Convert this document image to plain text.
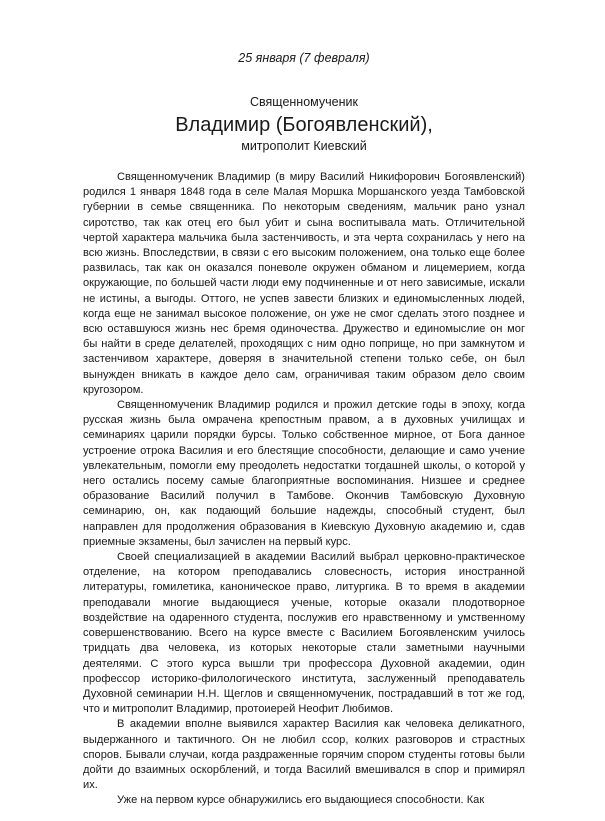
25 января (7 февраля)
Священномученик
Владимир (Богоявленский),
митрополит Киевский

Священномученик Владимир (в миру Василий Никифорович Богоявленский) родился 1 января 1848 года в селе Малая Моршка Моршанского уезда Тамбовской губернии в семье священника. По некоторым сведениям, мальчик рано узнал сиротство, так как отец его был убит и сына воспитывала мать. Отличительной чертой характера мальчика была застенчивость, и эта черта сохранилась у него на всю жизнь. Впоследствии, в связи с его высоким положением, она только еще более развилась, так как он оказался поневоле окружен обманом и лицемерием, когда окружающие, по большей части люди ему подчиненные и от него зависимые, искали не истины, а выгоды. Оттого, не успев завести близких и единомысленных людей, когда еще не занимал высокое положение, он уже не смог сделать этого позднее и всю оставшуюся жизнь нес бремя одиночества. Дружество и единомыслие он мог бы найти в среде делателей, проходящих с ним одно поприще, но при замкнутом и застенчивом характере, доверяя в значительной степени только себе, он был вынужден вникать в каждое дело сам, ограничивая таким образом дело своим кругозором.

Священномученик Владимир родился и прожил детские годы в эпоху, когда русская жизнь была омрачена крепостным правом, а в духовных училищах и семинариях царили порядки бурсы. Только собственное мирное, от Бога данное устроение отрока Василия и его блестящие способности, делающие и само учение увлекательным, помогли ему преодолеть недостатки тогдашней школы, о которой у него остались посему самые благоприятные воспоминания. Низшее и среднее образование Василий получил в Тамбове. Окончив Тамбовскую Духовную семинарию, он, как подающий большие надежды, способный студент, был направлен для продолжения образования в Киевскую Духовную академию и, сдав приемные экзамены, был зачислен на первый курс.

Своей специализацией в академии Василий выбрал церковно-практическое отделение, на котором преподавались словесность, история иностранной литературы, гомилетика, каноническое право, литургика. В то время в академии преподавали многие выдающиеся ученые, которые оказали плодотворное воздействие на одаренного студента, послужив его нравственному и умственному совершенствованию. Всего на курсе вместе с Василием Богоявленским училось тридцать два человека, из которых некоторые стали заметными научными деятелями. С этого курса вышли три профессора Духовной академии, один профессор историко-филологического института, заслуженный преподаватель Духовной семинарии Н.Н. Щеглов и священномученик, пострадавший в тот же год, что и митрополит Владимир, протоиерей Неофит Любимов.

В академии вполне выявился характер Василия как человека деликатного, выдержанного и тактичного. Он не любил ссор, колких разговоров и страстных споров. Бывали случаи, когда раздраженные горячим спором студенты готовы были дойти до взаимных оскорблений, и тогда Василий вмешивался в спор и примирял их.

Уже на первом курсе обнаружились его выдающиеся способности. Как
